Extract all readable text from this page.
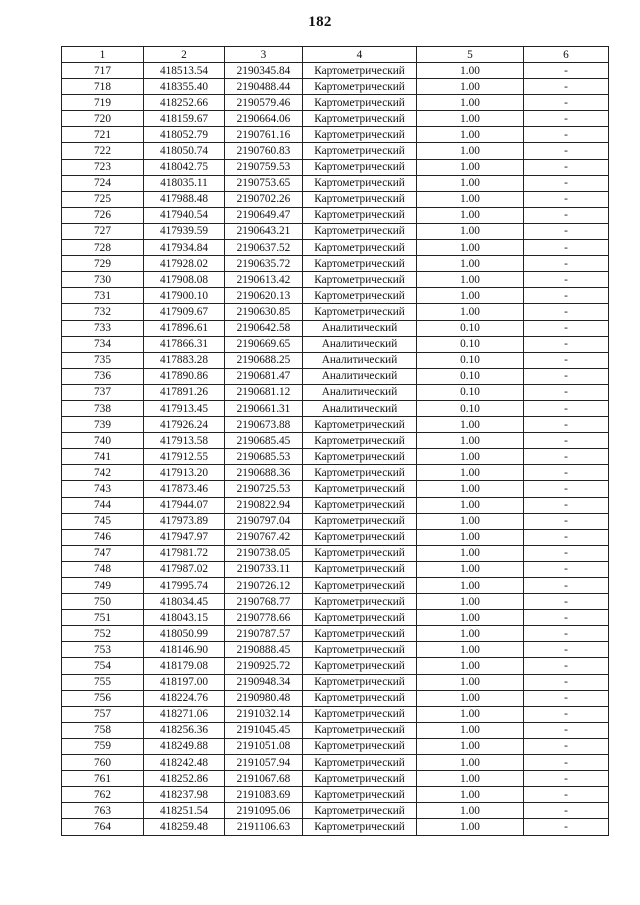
182
1	2	3	4	5	6
717	418513.54	2190345.84	Картометрический	1.00	-
718	418355.40	2190488.44	Картометрический	1.00	-
719	418252.66	2190579.46	Картометрический	1.00	-
720	418159.67	2190664.06	Картометрический	1.00	-
721	418052.79	2190761.16	Картометрический	1.00	-
722	418050.74	2190760.83	Картометрический	1.00	-
723	418042.75	2190759.53	Картометрический	1.00	-
724	418035.11	2190753.65	Картометрический	1.00	-
725	417988.48	2190702.26	Картометрический	1.00	-
726	417940.54	2190649.47	Картометрический	1.00	-
727	417939.59	2190643.21	Картометрический	1.00	-
728	417934.84	2190637.52	Картометрический	1.00	-
729	417928.02	2190635.72	Картометрический	1.00	-
730	417908.08	2190613.42	Картометрический	1.00	-
731	417900.10	2190620.13	Картометрический	1.00	-
732	417909.67	2190630.85	Картометрический	1.00	-
733	417896.61	2190642.58	Аналитический	0.10	-
734	417866.31	2190669.65	Аналитический	0.10	-
735	417883.28	2190688.25	Аналитический	0.10	-
736	417890.86	2190681.47	Аналитический	0.10	-
737	417891.26	2190681.12	Аналитический	0.10	-
738	417913.45	2190661.31	Аналитический	0.10	-
739	417926.24	2190673.88	Картометрический	1.00	-
740	417913.58	2190685.45	Картометрический	1.00	-
741	417912.55	2190685.53	Картометрический	1.00	-
742	417913.20	2190688.36	Картометрический	1.00	-
743	417873.46	2190725.53	Картометрический	1.00	-
744	417944.07	2190822.94	Картометрический	1.00	-
745	417973.89	2190797.04	Картометрический	1.00	-
746	417947.97	2190767.42	Картометрический	1.00	-
747	417981.72	2190738.05	Картометрический	1.00	-
748	417987.02	2190733.11	Картометрический	1.00	-
749	417995.74	2190726.12	Картометрический	1.00	-
750	418034.45	2190768.77	Картометрический	1.00	-
751	418043.15	2190778.66	Картометрический	1.00	-
752	418050.99	2190787.57	Картометрический	1.00	-
753	418146.90	2190888.45	Картометрический	1.00	-
754	418179.08	2190925.72	Картометрический	1.00	-
755	418197.00	2190948.34	Картометрический	1.00	-
756	418224.76	2190980.48	Картометрический	1.00	-
757	418271.06	2191032.14	Картометрический	1.00	-
758	418256.36	2191045.45	Картометрический	1.00	-
759	418249.88	2191051.08	Картометрический	1.00	-
760	418242.48	2191057.94	Картометрический	1.00	-
761	418252.86	2191067.68	Картометрический	1.00	-
762	418237.98	2191083.69	Картометрический	1.00	-
763	418251.54	2191095.06	Картометрический	1.00	-
764	418259.48	2191106.63	Картометрический	1.00	-
